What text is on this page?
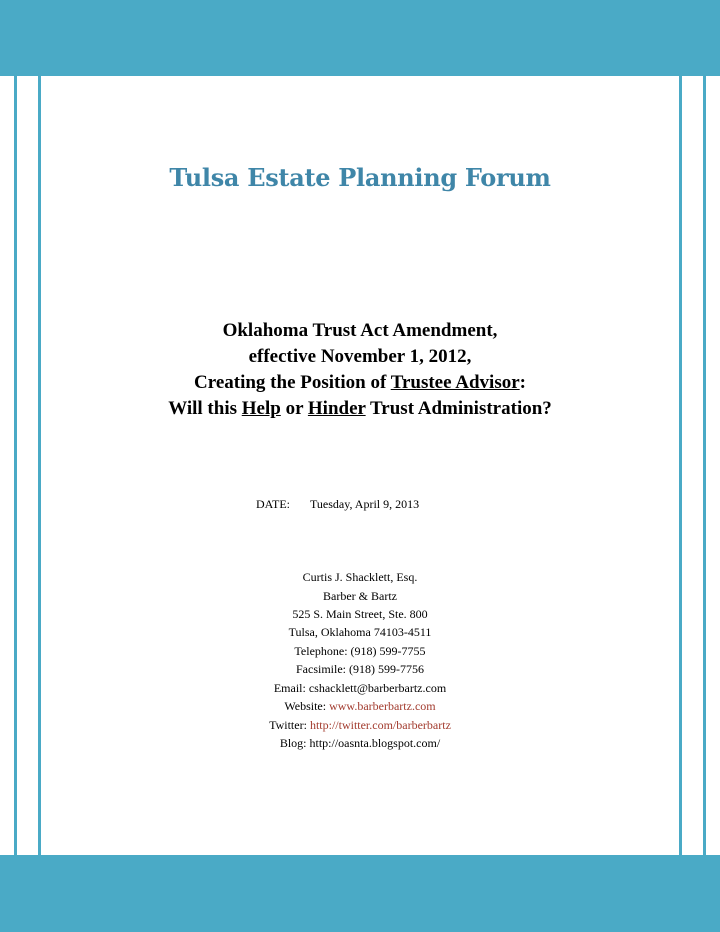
Tulsa Estate Planning Forum
Oklahoma Trust Act Amendment,
effective November 1, 2012,
Creating the Position of Trustee Advisor:
Will this Help or Hinder Trust Administration?
DATE: Tuesday, April 9, 2013
Curtis J. Shacklett, Esq.
Barber & Bartz
525 S. Main Street, Ste. 800
Tulsa, Oklahoma 74103-4511
Telephone: (918) 599-7755
Facsimile: (918) 599-7756
Email: cshacklett@barberbartz.com
Website: www.barberbartz.com
Twitter: http://twitter.com/barberbartz
Blog: http://oasnta.blogspot.com/
